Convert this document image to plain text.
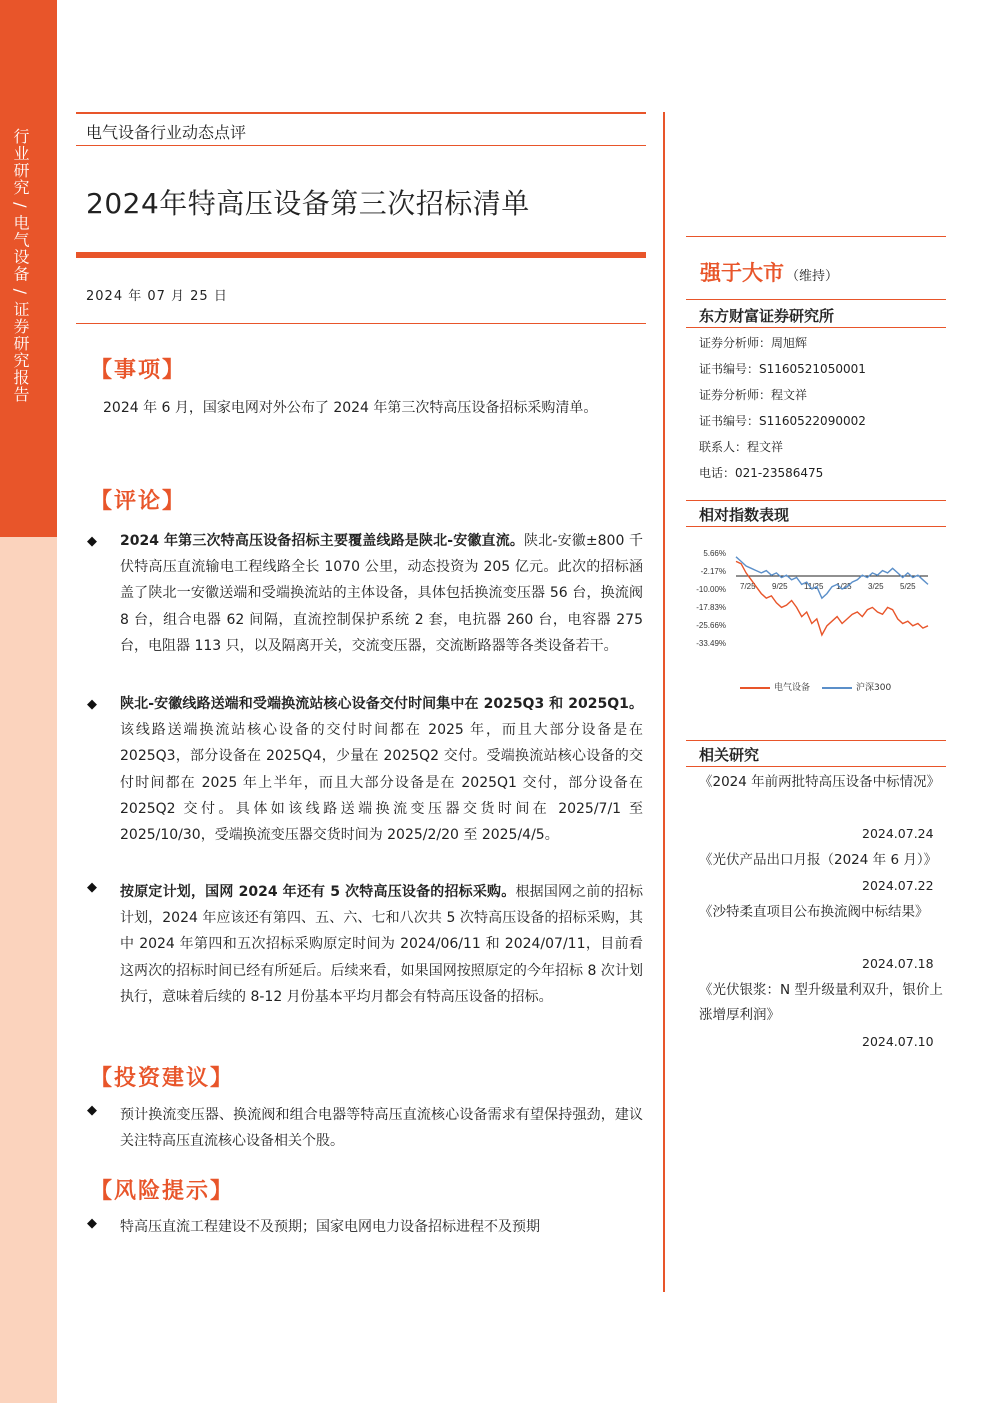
行业研究 / 电气设备 / 证券研究报告	电气设备行业动态点评
2024年特高压设备第三次招标清单
2024 年 07 月 25 日
【事项】
2024 年 6 月，国家电网对外公布了 2024 年第三次特高压设备招标采购清单。
【评论】
◆ 2024 年第三次特高压设备招标主要覆盖线路是陕北-安徽直流。陕北-安徽±800 千伏特高压直流输电工程线路全长 1070 公里，动态投资为 205 亿元。此次的招标涵盖了陕北一安徽送端和受端换流站的主体设备，具体包括换流变压器 56 台，换流阀 8 台，组合电器 62 间隔，直流控制保护系统 2 套，电抗器 260 台，电容器 275 台，电阻器 113 只，以及隔离开关，交流变压器，交流断路器等各类设备若干。
◆ 陕北-安徽线路送端和受端换流站核心设备交付时间集中在 2025Q3 和 2025Q1。该线路送端换流站核心设备的交付时间都在 2025 年，而且大部分设备是在 2025Q3，部分设备在 2025Q4，少量在 2025Q2 交付。受端换流站核心设备的交付时间都在 2025 年上半年，而且大部分设备是在 2025Q1 交付，部分设备在 2025Q2 交付。具体如该线路送端换流变压器交货时间在 2025/7/1 至 2025/10/30，受端换流变压器交货时间为 2025/2/20 至 2025/4/5。
◆ 按原定计划，国网 2024 年还有 5 次特高压设备的招标采购。根据国网之前的招标计划，2024 年应该还有第四、五、六、七和八次共 5 次特高压设备的招标采购，其中 2024 年第四和五次招标采购原定时间为 2024/06/11 和 2024/07/11，目前看这两次的招标时间已经有所延后。后续来看，如果国网按照原定的今年招标 8 次计划执行，意味着后续的 8-12 月份基本平均月都会有特高压设备的招标。
【投资建议】
◆ 预计换流变压器、换流阀和组合电器等特高压直流核心设备需求有望保持强劲，建议关注特高压直流核心设备相关个股。
【风险提示】
◆ 特高压直流工程建设不及预期；国家电网电力设备招标进程不及预期
强于大市 （维持）
东方财富证券研究所
证券分析师：周旭辉
证书编号：S1160521050001
证券分析师：程文祥
证书编号：S1160522090002
联系人：程文祥
电话：021-23586475
相对指数表现
5.66%
-2.17%
-10.00%
-17.83%
-25.66%
-33.49%
7/25 9/25 11/25 1/25 3/25 5/25
电气设备	沪深300
相关研究
《2024 年前两批特高压设备中标情况》
2024.07.24
《光伏产品出口月报（2024 年 6 月）》
2024.07.22
《沙特柔直项目公布换流阀中标结果》
2024.07.18
《光伏银浆：N 型升级量利双升，银价上涨增厚利润》
2024.07.10
